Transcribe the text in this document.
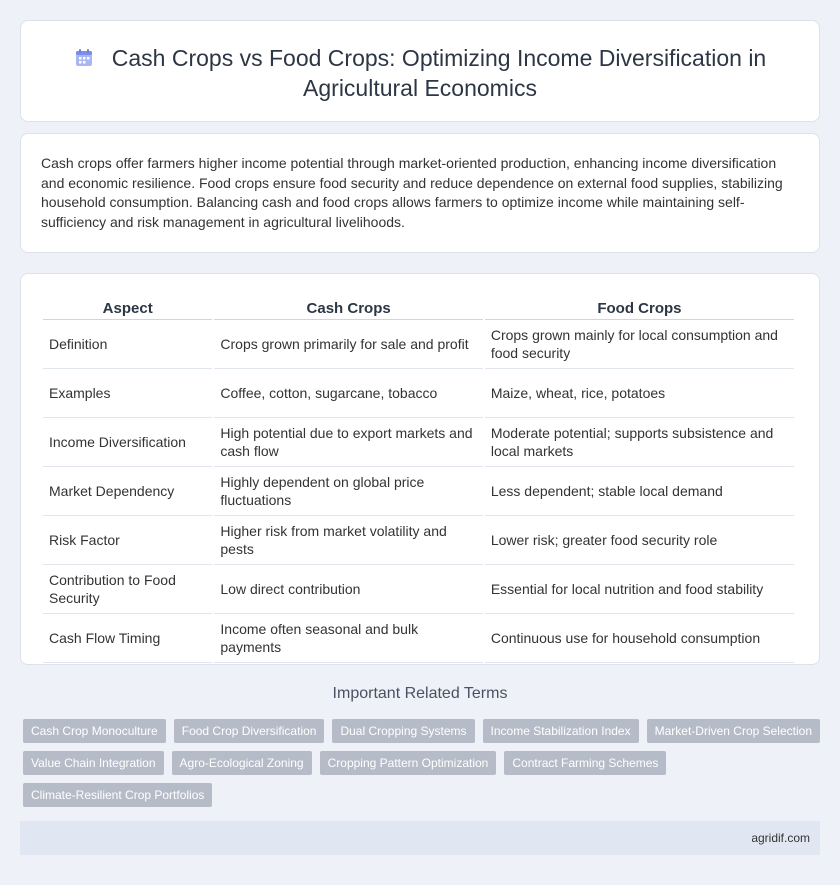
Cash Crops vs Food Crops: Optimizing Income Diversification in Agricultural Economics

Cash crops offer farmers higher income potential through market-oriented production, enhancing income diversification and economic resilience. Food crops ensure food security and reduce dependence on external food supplies, stabilizing household consumption. Balancing cash and food crops allows farmers to optimize income while maintaining self-sufficiency and risk management in agricultural livelihoods.

Aspect	Cash Crops	Food Crops
Definition	Crops grown primarily for sale and profit	Crops grown mainly for local consumption and food security
Examples	Coffee, cotton, sugarcane, tobacco	Maize, wheat, rice, potatoes
Income Diversification	High potential due to export markets and cash flow	Moderate potential; supports subsistence and local markets
Market Dependency	Highly dependent on global price fluctuations	Less dependent; stable local demand
Risk Factor	Higher risk from market volatility and pests	Lower risk; greater food security role
Contribution to Food Security	Low direct contribution	Essential for local nutrition and food stability
Cash Flow Timing	Income often seasonal and bulk payments	Continuous use for household consumption
Important Related Terms
Cash Crop Monoculture	Food Crop Diversification	Dual Cropping Systems	Income Stabilization Index	Market-Driven Crop Selection
Value Chain Integration	Agro-Ecological Zoning	Cropping Pattern Optimization	Contract Farming Schemes
Climate-Resilient Crop Portfolios
agridif.com
